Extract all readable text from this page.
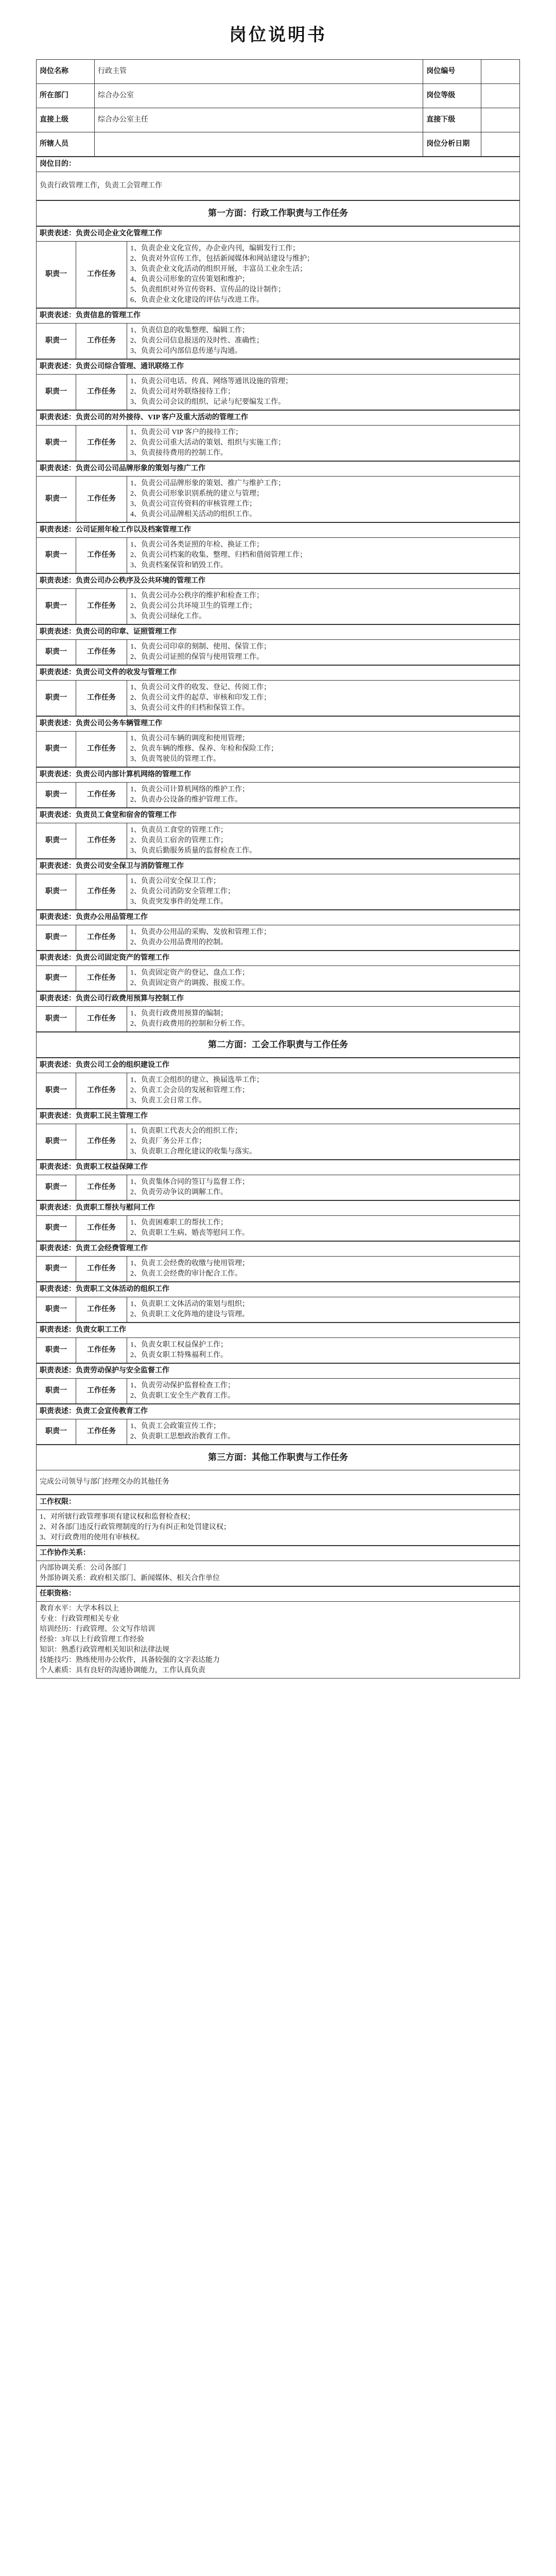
岗位说明书
岗位名称	行政主管	岗位编号	
所在部门	综合办公室	岗位等级	
直接上级	综合办公室主任	直接下级	
所辖人员		岗位分析日期	
岗位目的：
负责行政管理工作，负责工会管理工作
第一方面：行政工作职责与工作任务
职责表述：负责公司企业文化管理工作
职责一	工作任务	
1、负责企业文化宣传，办企业内刊，编辑发行工作；
2、负责对外宣传工作，包括新闻媒体和网站建设与维护；
3、负责企业文化活动的组织开展，丰富员工业余生活；
4、负责公司形象的宣传策划和维护；
5、负责组织对外宣传资料、宣传品的设计制作；
6、负责企业文化建设的评估与改进工作。
职责表述：负责信息的管理工作
职责一	工作任务	
1、负责信息的收集整理、编辑工作；
2、负责公司信息报送的及时性、准确性；
3、负责公司内部信息传递与沟通。
职责表述：负责公司综合管理、通讯联络工作
职责一	工作任务	
1、负责公司电话、传真、网络等通讯设施的管理；
2、负责公司对外联络接待工作；
3、负责公司会议的组织、记录与纪要编发工作。
职责表述：负责公司的对外接待、VIP 客户及重大活动的管理工作
职责一	工作任务	
1、负责公司 VIP 客户的接待工作；
2、负责公司重大活动的策划、组织与实施工作；
3、负责接待费用的控制工作。
职责表述：负责公司公司品牌形象的策划与推广工作
职责一	工作任务	
1、负责公司品牌形象的策划、推广与维护工作；
2、负责公司形象识别系统的建立与管理；
3、负责公司宣传资料的审核管理工作；
4、负责公司品牌相关活动的组织工作。
职责表述：公司证照年检工作以及档案管理工作
职责一	工作任务	
1、负责公司各类证照的年检、换证工作；
2、负责公司档案的收集、整理、归档和借阅管理工作；
3、负责档案保管和销毁工作。
职责表述：负责公司办公秩序及公共环境的管理工作
职责一	工作任务	
1、负责公司办公秩序的维护和检查工作；
2、负责公司公共环境卫生的管理工作；
3、负责公司绿化工作。
职责表述：负责公司的印章、证照管理工作
职责一	工作任务	
1、负责公司印章的刻制、使用、保管工作；
2、负责公司证照的保管与使用管理工作。
职责表述：负责公司文件的收发与管理工作
职责一	工作任务	
1、负责公司文件的收发、登记、传阅工作；
2、负责公司文件的起草、审核和印发工作；
3、负责公司文件的归档和保管工作。
职责表述：负责公司公务车辆管理工作
职责一	工作任务	
1、负责公司车辆的调度和使用管理；
2、负责车辆的维修、保养、年检和保险工作；
3、负责驾驶员的管理工作。
职责表述：负责公司内部计算机网络的管理工作
职责一	工作任务	
1、负责公司计算机网络的维护工作；
2、负责办公设备的维护管理工作。
职责表述：负责员工食堂和宿舍的管理工作
职责一	工作任务	
1、负责员工食堂的管理工作；
2、负责员工宿舍的管理工作；
3、负责后勤服务质量的监督检查工作。
职责表述：负责公司安全保卫与消防管理工作
职责一	工作任务	
1、负责公司安全保卫工作；
2、负责公司消防安全管理工作；
3、负责突发事件的处理工作。
职责表述：负责办公用品管理工作
职责一	工作任务	
1、负责办公用品的采购、发放和管理工作；
2、负责办公用品费用的控制。
职责表述：负责公司固定资产的管理工作
职责一	工作任务	
1、负责固定资产的登记、盘点工作；
2、负责固定资产的调拨、报废工作。
职责表述：负责公司行政费用预算与控制工作
职责一	工作任务	
1、负责行政费用预算的编制；
2、负责行政费用的控制和分析工作。
第二方面：工会工作职责与工作任务
职责表述：负责公司工会的组织建设工作
职责一	工作任务	
1、负责工会组织的建立、换届选举工作；
2、负责工会会员的发展和管理工作；
3、负责工会日常工作。
职责表述：负责职工民主管理工作
职责一	工作任务	
1、负责职工代表大会的组织工作；
2、负责厂务公开工作；
3、负责职工合理化建议的收集与落实。
职责表述：负责职工权益保障工作
职责一	工作任务	
1、负责集体合同的签订与监督工作；
2、负责劳动争议的调解工作。
职责表述：负责职工帮扶与慰问工作
职责一	工作任务	
1、负责困难职工的帮扶工作；
2、负责职工生病、婚丧等慰问工作。
职责表述：负责工会经费管理工作
职责一	工作任务	
1、负责工会经费的收缴与使用管理；
2、负责工会经费的审计配合工作。
职责表述：负责职工文体活动的组织工作
职责一	工作任务	
1、负责职工文体活动的策划与组织；
2、负责职工文化阵地的建设与管理。
职责表述：负责女职工工作
职责一	工作任务	
1、负责女职工权益保护工作；
2、负责女职工特殊福利工作。
职责表述：负责劳动保护与安全监督工作
职责一	工作任务	
1、负责劳动保护监督检查工作；
2、负责职工安全生产教育工作。
职责表述：负责工会宣传教育工作
职责一	工作任务	
1、负责工会政策宣传工作；
2、负责职工思想政治教育工作。
第三方面：其他工作职责与工作任务
完成公司领导与部门经理交办的其他任务
工作权限：

1、对所辖行政管理事项有建议权和监督检查权；
2、对各部门违反行政管理制度的行为有纠正和处罚建议权；
3、对行政费用的使用有审核权。
工作协作关系：

内部协调关系：公司各部门
外部协调关系：政府相关部门、新闻媒体、相关合作单位
任职资格：

教育水平：大学本科以上
专业：行政管理相关专业
培训经历：行政管理、公文写作培训
经验：3年以上行政管理工作经验
知识：熟悉行政管理相关知识和法律法规
技能技巧：熟练使用办公软件，具备较强的文字表达能力
个人素质：具有良好的沟通协调能力，工作认真负责
